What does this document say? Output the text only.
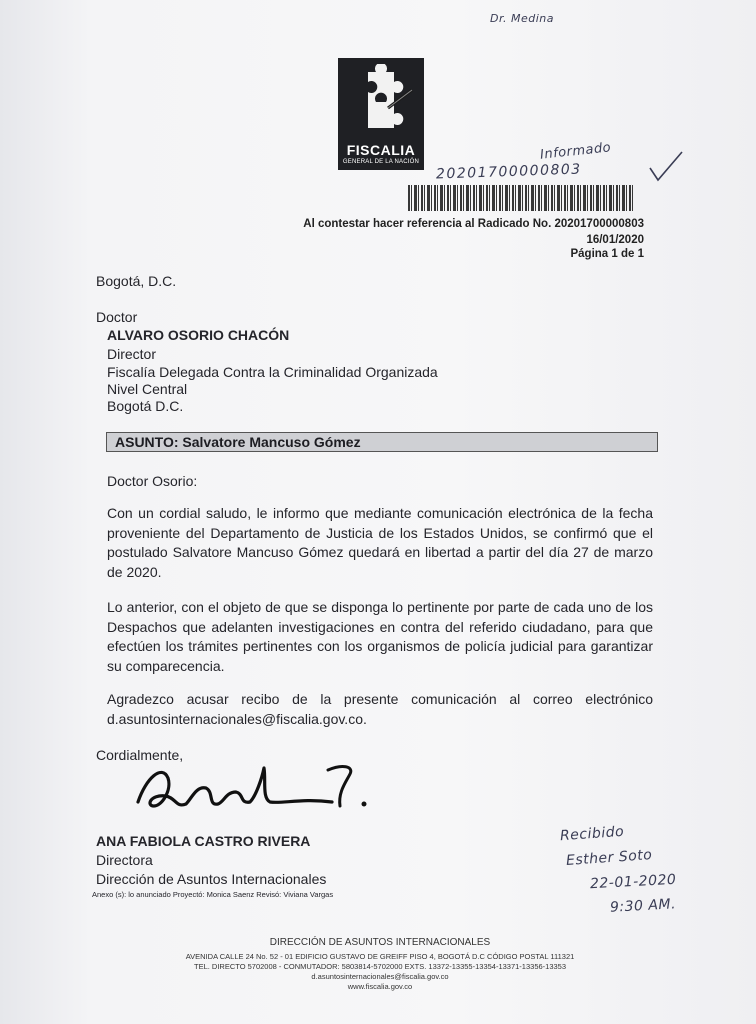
Dr. Medina
FISCALIA
GENERAL DE LA NACIÓN	Informado
20201700000803
Al contestar hacer referencia al Radicado No. 20201700000803
16/01/2020
Página 1 de 1
Bogotá, D.C.
Doctor
ALVARO OSORIO CHACÓN
Director
Fiscalía Delegada Contra la Criminalidad Organizada
Nivel Central
Bogotá D.C.
ASUNTO: Salvatore Mancuso Gómez
Doctor Osorio:
Con un cordial saludo, le informo que mediante comunicación electrónica de la fecha proveniente del Departamento de Justicia de los Estados Unidos, se confirmó que el postulado Salvatore Mancuso Gómez quedará en libertad a partir del día 27 de marzo de 2020.
Lo anterior, con el objeto de que se disponga lo pertinente por parte de cada uno de los Despachos que adelanten investigaciones en contra del referido ciudadano, para que efectúen los trámites pertinentes con los organismos de policía judicial para garantizar su comparecencia.
Agradezco acusar recibo de la presente comunicación al correo electrónico d.asuntosinternacionales@fiscalia.gov.co.
Cordialmente,
ANA FABIOLA CASTRO RIVERA
Directora
Dirección de Asuntos Internacionales
Anexo (s): lo anunciado Proyectó: Monica Saenz Revisó: Viviana Vargas
Recibido
Esther Soto
22-01-2020
9:30 AM.
DIRECCIÓN DE ASUNTOS INTERNACIONALES
AVENIDA CALLE 24 No. 52 - 01 EDIFICIO GUSTAVO DE GREIFF PISO 4, BOGOTÁ D.C CÓDIGO POSTAL 111321
TEL. DIRECTO 5702008 - CONMUTADOR: 5803814-5702000 EXTS. 13372-13355-13354-13371-13356-13353
d.asuntosinternacionales@fiscalia.gov.co
www.fiscalia.gov.co
